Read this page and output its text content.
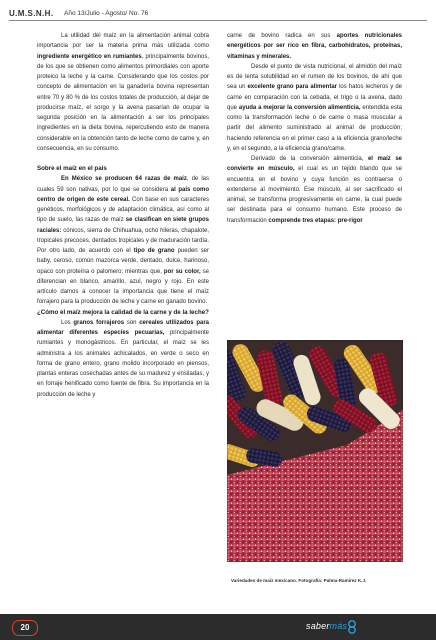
U.M.S.N.H. Año 13/Julio - Agosto/ No. 76

La utilidad del maíz en la alimentación animal cobra importancia por ser la materia prima más utilizada como ingrediente energético en rumiantes, principalmente bovinos, de los que se obtienen como alimentos primordiales con aporte proteico la leche y la carne. Considerando que los costos por concepto de alimentación en la ganadería bovina representan entre 70 y 80 % de los costos totales de producción, al dejar de producirse maíz, el sorgo y la avena pasarían de ocupar la segunda posición en la alimentación a ser los principales ingredientes en la dieta bovina, repercutiendo esto de manera considerable en la obtención tanto de leche como de carne y, en consecuencia, en su consumo.

Sobre el maíz en el país

En México se producen 64 razas de maíz, de las cuales 59 son nativas, por lo que se considera al país como centro de origen de este cereal. Con base en sus caracteres genéticos, morfológicos y de adaptación climática, así como al tipo de suelo, las razas de maíz se clasifican en siete grupos raciales: cónicos, sierra de Chihuahua, ocho hileras, chapalote, tropicales precoces, dentados tropicales y de maduración tardía. Por otro lado, de acuerdo con el tipo de grano pueden ser baby, ceroso, común mazorca verde, dentado, dulce, harinoso, opaco con proteína o palomero; mientras que, por su color, se diferencian en blanco, amarillo, azul, negro y rojo. En este artículo damos a conocer la importancia que tiene el maíz forrajero para la producción de leche y carne en ganado bovino.

¿Cómo el maíz mejora la calidad de la carne y de la leche?

Los granos forrajeros son cereales utilizados para alimentar diferentes especies pecuarias, principalmente rumiantes y monogástricos. En particular, el maíz se les administra a los animales achicalados, en verde o seco en forma de grano entero, grano molido incorporado en piensos, plantas enteras cosechadas antes de su madurez y ensiladas, y en forraje henificado como fuente de fibra. Su importancia en la producción de leche y

carne de bovino radica en sus aportes nutricionales energéticos por ser rico en fibra, carbohidratos, proteínas, vitaminas y minerales.

Desde el punto de vista nutricional, el almidón del maíz es de lenta solubilidad en el rumen de los bovinos, de ahí que sea un excelente grano para alimentar los hatos lecheros y de carne en comparación con la cebada, el trigo o la avena, dado que ayuda a mejorar la conversión alimenticia, entendida esta como la transformación leche o de carne o masa muscular a partir del alimento suministrado al animal de producción; haciendo referencia en el primer caso a la eficiencia grano/leche y, en el segundo, a la eficiencia grano/carne.

Derivado de la conversión alimenticia, el maíz se convierte en músculo, el cual es un tejido blando que se encuentra en el bovino y cuya función es contraerse o extenderse al movimiento. Ese músculo, al ser sacrificado el animal, se transforma progresivamente en carne, la cual puede ser destinada para el consumo humano. Este proceso de transformación comprende tres etapas: pre-rigor

Variedades de maíz mexicano. Fotografía: Palma-Ramírez K.J.
20	sabermás
